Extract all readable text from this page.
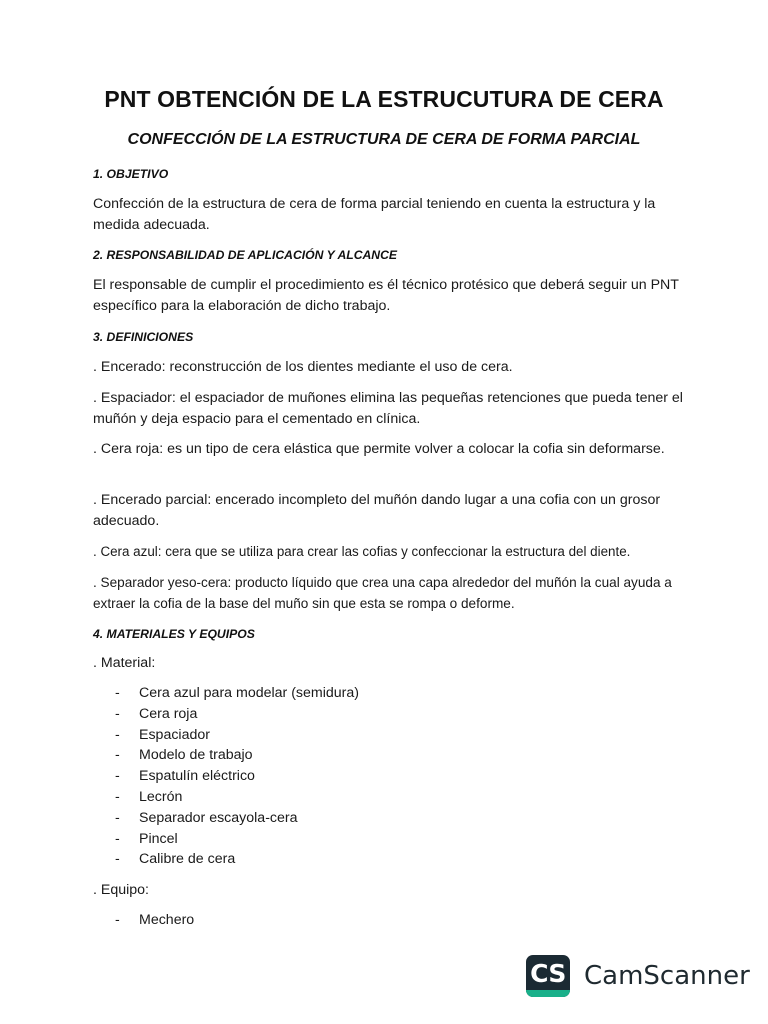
PNT OBTENCIÓN DE LA ESTRUCUTURA DE CERA
CONFECCIÓN DE LA ESTRUCTURA DE CERA DE FORMA PARCIAL
1. OBJETIVO
Confección de la estructura de cera de forma parcial teniendo en cuenta la estructura y la medida adecuada.
2. RESPONSABILIDAD DE APLICACIÓN Y ALCANCE
El responsable de cumplir el procedimiento es él técnico protésico que deberá seguir un PNT específico para la elaboración de dicho trabajo.
3. DEFINICIONES
. Encerado: reconstrucción de los dientes mediante el uso de cera.
. Espaciador: el espaciador de muñones elimina las pequeñas retenciones que pueda tener el muñón y deja espacio para el cementado en clínica.
. Cera roja: es un tipo de cera elástica que permite volver a colocar la cofia sin deformarse.
. Encerado parcial: encerado incompleto del muñón dando lugar a una cofia con un grosor adecuado.
. Cera azul: cera que se utiliza para crear las cofias y confeccionar la estructura del diente.
. Separador yeso-cera: producto líquido que crea una capa alrededor del muñón la cual ayuda a extraer la cofia de la base del muño sin que esta se rompa o deforme.
4. MATERIALES Y EQUIPOS
. Material:
-	Cera azul para modelar (semidura)
-	Cera roja
-	Espaciador
-	Modelo de trabajo
-	Espatulín eléctrico
-	Lecrón
-	Separador escayola-cera
-	Pincel
-	Calibre de cera
. Equipo:
-	Mechero
CS CamScanner
